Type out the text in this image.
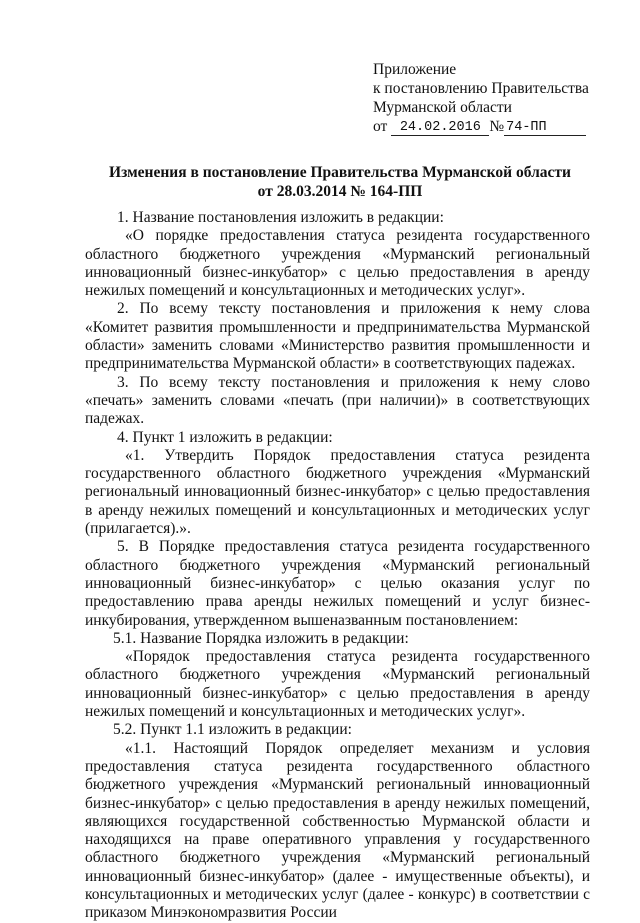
Приложение
к постановлению Правительства
Мурманской области
от 24.02.2016 № 74-ПП
Изменения в постановление Правительства Мурманской области
от 28.03.2014 № 164-ПП

1. Название постановления изложить в редакции:

«О порядке предоставления статуса резидента государственного областного бюджетного учреждения «Мурманский региональный инновационный бизнес-инкубатор» с целью предоставления в аренду нежилых помещений и консультационных и методических услуг».

2. По всему тексту постановления и приложения к нему слова «Комитет развития промышленности и предпринимательства Мурманской области» заменить словами «Министерство развития промышленности и предпринимательства Мурманской области» в соответствующих падежах.

3. По всему тексту постановления и приложения к нему слово «печать» заменить словами «печать (при наличии)» в соответствующих падежах.

4. Пункт 1 изложить в редакции:

«1. Утвердить Порядок предоставления статуса резидента государственного областного бюджетного учреждения «Мурманский региональный инновационный бизнес-инкубатор» с целью предоставления в аренду нежилых помещений и консультационных и методических услуг (прилагается).».

5. В Порядке предоставления статуса резидента государственного областного бюджетного учреждения «Мурманский региональный инновационный бизнес-инкубатор» с целью оказания услуг по предоставлению права аренды нежилых помещений и услуг бизнес-инкубирования, утвержденном вышеназванным постановлением:

5.1. Название Порядка изложить в редакции:

«Порядок предоставления статуса резидента государственного областного бюджетного учреждения «Мурманский региональный инновационный бизнес-инкубатор» с целью предоставления в аренду нежилых помещений и консультационных и методических услуг».

5.2. Пункт 1.1 изложить в редакции:

«1.1. Настоящий Порядок определяет механизм и условия предоставления статуса резидента государственного областного бюджетного учреждения «Мурманский региональный инновационный бизнес-инкубатор» с целью предоставления в аренду нежилых помещений, являющихся государственной собственностью Мурманской области и находящихся на праве оперативного управления у государственного областного бюджетного учреждения «Мурманский региональный инновационный бизнес-инкубатор» (далее - имущественные объекты), и консультационных и методических услуг (далее - конкурс) в соответствии с приказом Минэкономразвития России
